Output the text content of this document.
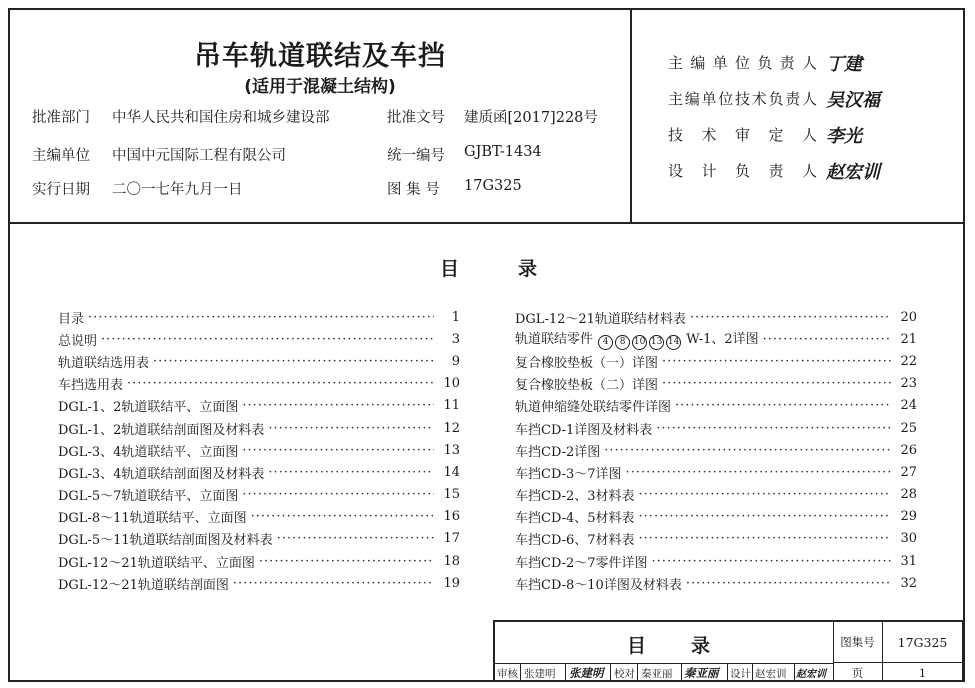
吊车轨道联结及车挡
(适用于混凝土结构)
批准部门 中华人民共和国住房和城乡建设部	批准文号 建质函[2017]228号
主编单位 中国中元国际工程有限公司	统一编号 GJBT-1434
实行日期 二〇一七年九月一日	图 集 号 17G325
主编单位负责人 丁建
主编单位技术负责人 吴汉福
技术审定人 李光
设计负责人 赵宏训
目	录
目录 ·····	1
总说明 ·····	3
轨道联结选用表 ·····	9
车挡选用表 ·····	10
DGL-1、2轨道联结平、立面图 ·····	11
DGL-1、2轨道联结剖面图及材料表 ·····	12
DGL-3、4轨道联结平、立面图 ·····	13
DGL-3、4轨道联结剖面图及材料表 ·····	14
DGL-5～7轨道联结平、立面图 ·····	15
DGL-8～11轨道联结平、立面图 ·····	16
DGL-5～11轨道联结剖面图及材料表 ·····	17
DGL-12～21轨道联结平、立面图 ·····	18
DGL-12～21轨道联结剖面图 ·····	19
DGL-12～21轨道联结材料表 ·····	20
轨道联结零件 4 8 10 13 14 W-1、2详图 ·····	21
复合橡胶垫板（一）详图 ·····	22
复合橡胶垫板（二）详图 ·····	23
轨道伸缩缝处联结零件详图 ·····	24
车挡CD-1详图及材料表 ·····	25
车挡CD-2详图 ·····	26
车挡CD-3～7详图 ·····	27
车挡CD-2、3材料表 ·····	28
车挡CD-4、5材料表 ·····	29
车挡CD-6、7材料表 ·····	30
车挡CD-2～7零件详图 ·····	31
车挡CD-8～10详图及材料表 ·····	32
目 录	图集号	17G325
页	1
审核 张建明 张建明 校对 秦亚丽 秦亚丽 设计 赵宏训 赵宏训
